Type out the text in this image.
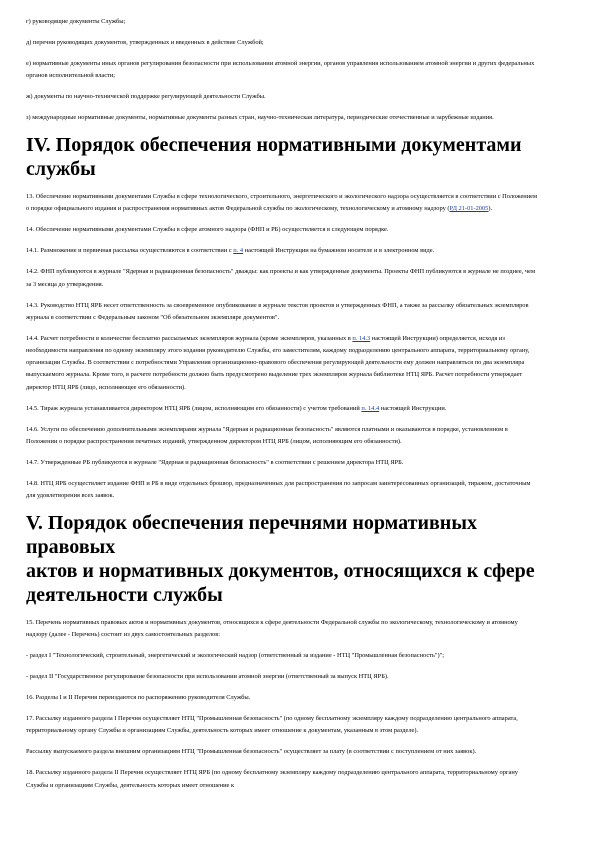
г) руководящие документы Службы;

д) перечни руководящих документов, утвержденных и введенных в действие Службой;

е) нормативные документы иных органов регулирования безопасности при использовании атомной энергии, органов управления использованием атомной энергии и других федеральных органов исполнительной власти;

ж) документы по научно-технической поддержке регулирующей деятельности Службы.

з) международные нормативные документы, нормативные документы разных стран, научно-техническая литература, периодические отечественные и зарубежные издания.

IV. Порядок обеспечения нормативными документами
службы

13. Обеспечение нормативными документами Службы в сфере технологического, строительного, энергетического и экологического надзора осуществляется в соответствии с Положением о порядке официального издания и распространения нормативных актов Федеральной службы по экологическому, технологическому и атомному надзору (РД 21-01-2005).

14. Обеспечение нормативными документами Службы в сфере атомного надзора (ФНП и РБ) осуществляется в следующем порядке.

14.1. Размножение и первичная рассылка осуществляются в соответствии с п. 4 настоящей Инструкции на бумажном носителе и в электронном виде.

14.2. ФНП публикуются в журнале "Ядерная и радиационная безопасность" дважды: как проекты и как утвержденные документы. Проекты ФНП публикуются в журнале не позднее, чем за 3 месяца до утверждения.

14.3. Руководство НТЦ ЯРБ несет ответственность за своевременное опубликование в журнале текстов проектов и утвержденных ФНП, а также за рассылку обязательных экземпляров журнала в соответствии с Федеральным законом "Об обязательном экземпляре документов".

14.4. Расчет потребности в количестве бесплатно рассылаемых экземпляров журнала (кроме экземпляров, указанных в п. 14.3 настоящей Инструкции) определяется, исходя из необходимости направления по одному экземпляру этого издания руководителю Службы, его заместителям, каждому подразделению центрального аппарата, территориальному органу, организации Службы. В соответствии с потребностями Управления организационно-правового обеспечения регулирующей деятельности ему должен направляться по два экземпляра выпускаемого журнала. Кроме того, в расчете потребности должно быть предусмотрено выделение трех экземпляров журнала библиотеке НТЦ ЯРБ. Расчет потребности утверждает директор НТЦ ЯРБ (лицо, исполняющее его обязанности).

14.5. Тираж журнала устанавливается директором НТЦ ЯРБ (лицом, исполняющим его обязанности) с учетом требований п. 14.4 настоящей Инструкции.

14.6. Услуги по обеспечению дополнительными экземплярами журнала "Ядерная и радиационная безопасность" являются платными и оказываются в порядке, установленном в Положении о порядке распространения печатных изданий, утвержденном директором НТЦ ЯРБ (лицом, исполняющим его обязанности).

14.7. Утвержденные РБ публикуются в журнале "Ядерная и радиационная безопасность" в соответствии с решением директора НТЦ ЯРБ.

14.8. НТЦ ЯРБ осуществляет издание ФНП и РБ в виде отдельных брошюр, предназначенных для распространения по запросам заинтересованных организаций, тиражом, достаточным для удовлетворения всех заявок.

V. Порядок обеспечения перечнями нормативных правовых
актов и нормативных документов, относящихся к сфере
деятельности службы

15. Перечень нормативных правовых актов и нормативных документов, относящихся к сфере деятельности Федеральной службы по экологическому, технологическому и атомному надзору (далее - Перечень) состоит из двух самостоятельных разделов:

- раздел I "Технологический, строительный, энергетический и экологический надзор (ответственный за издание - НТЦ "Промышленная безопасность")";

- раздел II "Государственное регулирование безопасности при использовании атомной энергии (ответственный за выпуск НТЦ ЯРБ).

16. Разделы I и II Перечня переиздаются по распоряжению руководителя Службы.

17. Рассылку изданного раздела I Перечня осуществляет НТЦ "Промышленная безопасность" (по одному бесплатному экземпляру каждому подразделению центрального аппарата, территориальному органу Службы и организациям Службы, деятельность которых имеет отношение к документам, указанным в этом разделе).

Рассылку выпускаемого раздела внешним организациям НТЦ "Промышленная безопасность" осуществляет за плату (в соответствии с поступлением от них заявок).

18. Рассылку изданного раздела II Перечня осуществляет НТЦ ЯРБ (по одному бесплатному экземпляру каждому подразделению центрального аппарата, территориальному органу Службы и организациям Службы, деятельность которых имеет отношение к
